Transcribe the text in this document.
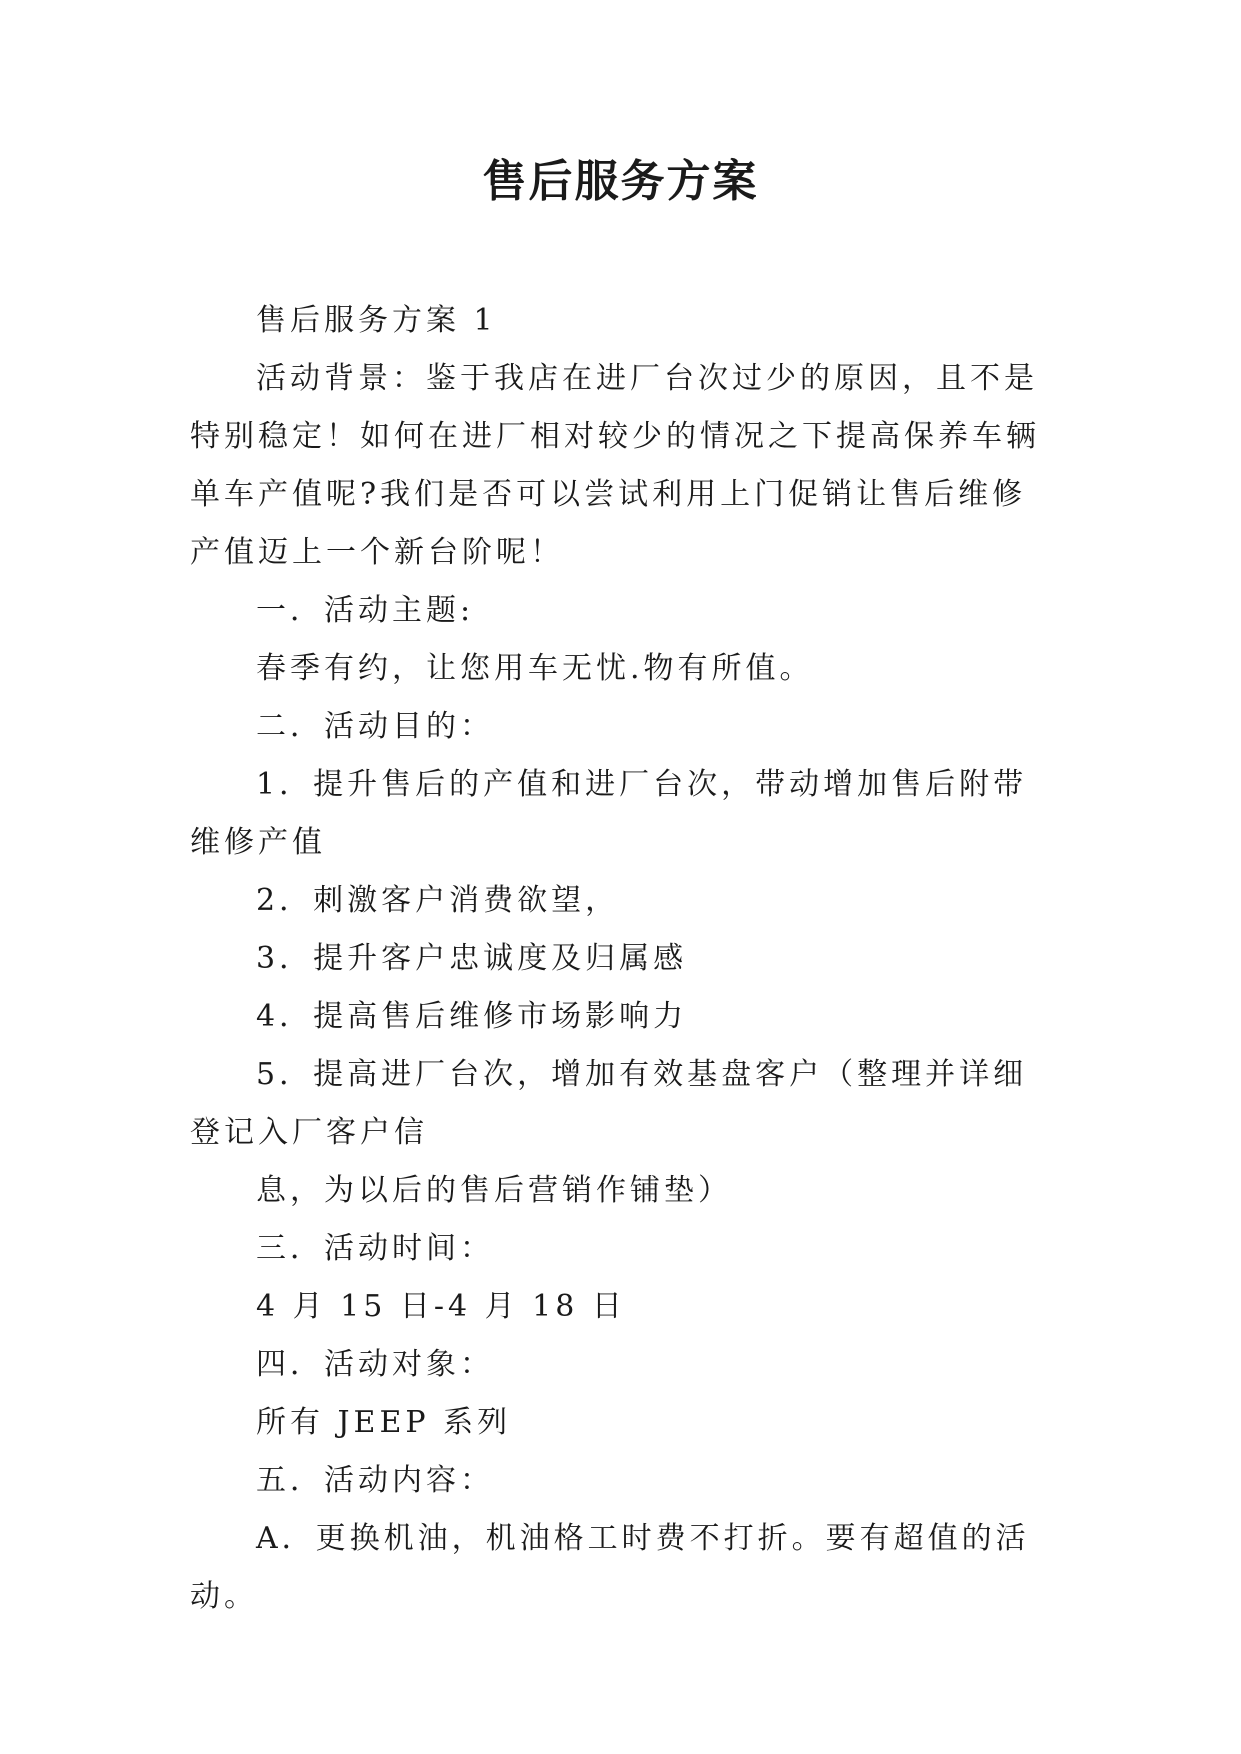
售后服务方案

售后服务方案 1

活动背景：鉴于我店在进厂台次过少的原因，且不是特别稳定！如何在进厂相对较少的情况之下提高保养车辆单车产值呢?我们是否可以尝试利用上门促销让售后维修产值迈上一个新台阶呢！

一．活动主题:

春季有约，让您用车无忧.物有所值。

二．活动目的：

1．提升售后的产值和进厂台次，带动增加售后附带维修产值

2．刺激客户消费欲望，

3．提升客户忠诚度及归属感

4．提高售后维修市场影响力

5．提高进厂台次，增加有效基盘客户（整理并详细登记入厂客户信

息，为以后的售后营销作铺垫）

三．活动时间：

4 月 15 日-4 月 18 日

四．活动对象：

所有 JEEP 系列

五．活动内容：

A．更换机油，机油格工时费不打折。要有超值的活动。
